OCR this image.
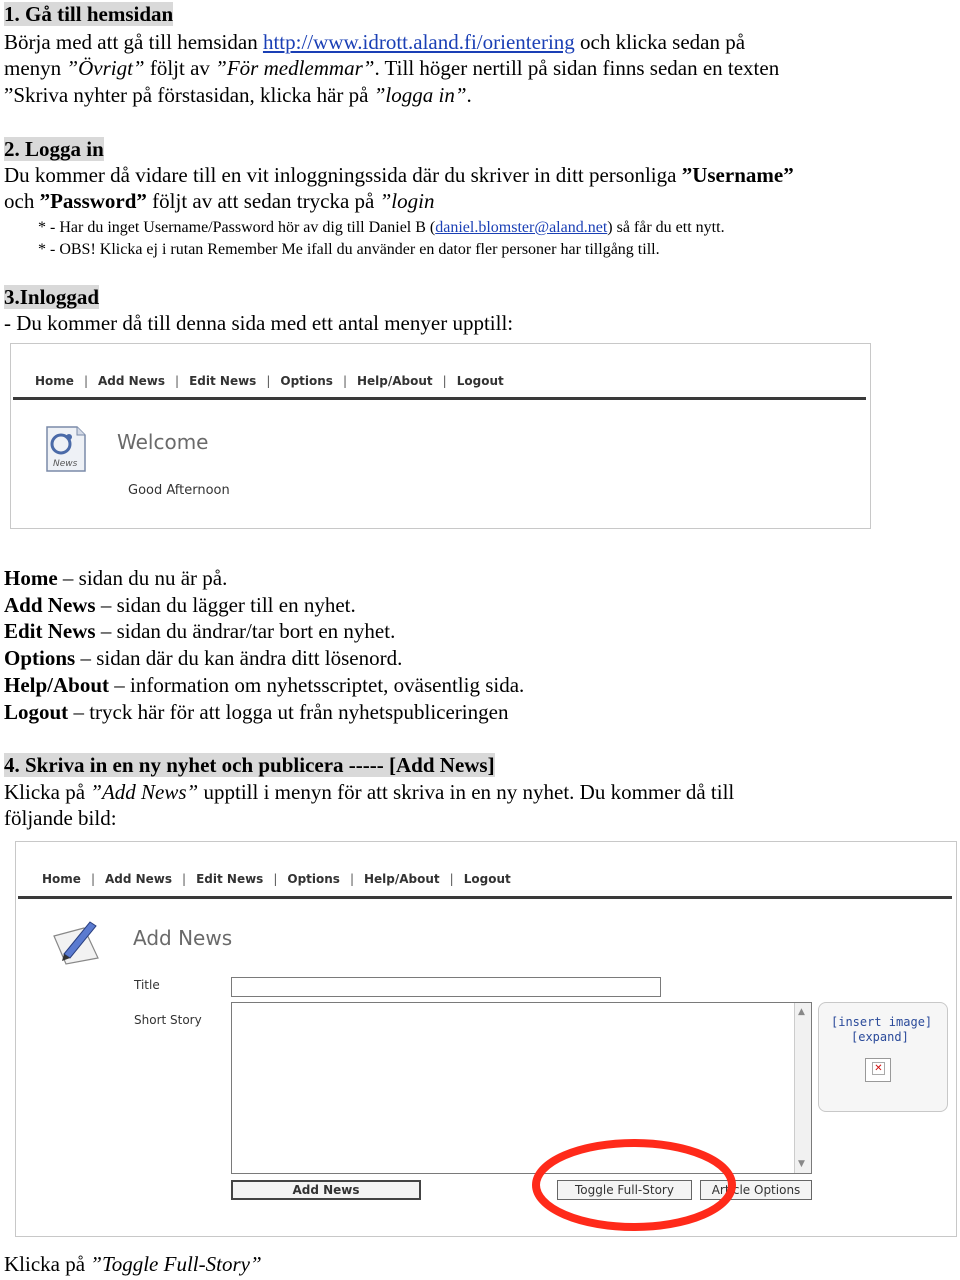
1. Gå till hemsidan
Börja med att gå till hemsidan http://www.idrott.aland.fi/orientering och klicka sedan på
menyn ”Övrigt” följt av ”För medlemmar”. Till höger nertill på sidan finns sedan en texten
”Skriva nyhter på förstasidan, klicka här på ”logga in”.
2. Logga in
Du kommer då vidare till en vit inloggningssida där du skriver in ditt personliga ”Username”
och ”Password” följt av att sedan trycka på ”login
* - Har du inget Username/Password hör av dig till Daniel B (daniel.blomster@aland.net) så får du ett nytt.
* - OBS! Klicka ej i rutan Remember Me ifall du använder en dator fler personer har tillgång till.
3.Inloggad
- Du kommer då till denna sida med ett antal menyer upptill:
Home | Add News | Edit News | Options | Help/About | Logout
News
Welcome
Good Afternoon
Home – sidan du nu är på.
Add News – sidan du lägger till en nyhet.
Edit News – sidan du ändrar/tar bort en nyhet.
Options – sidan där du kan ändra ditt lösenord.
Help/About – information om nyhetsscriptet, oväsentlig sida.
Logout – tryck här för att logga ut från nyhetspubliceringen
4. Skriva in en ny nyhet och publicera ----- [Add News]
Klicka på ”Add News” upptill i menyn för att skriva in en ny nyhet. Du kommer då till
följande bild:
Home | Add News | Edit News | Options | Help/About | Logout
Add News
Title
Short Story
▲
▼
[insert image]
[expand]
✕
Add News	Toggle Full-Story	Article Options
Klicka på ”Toggle Full-Story”
